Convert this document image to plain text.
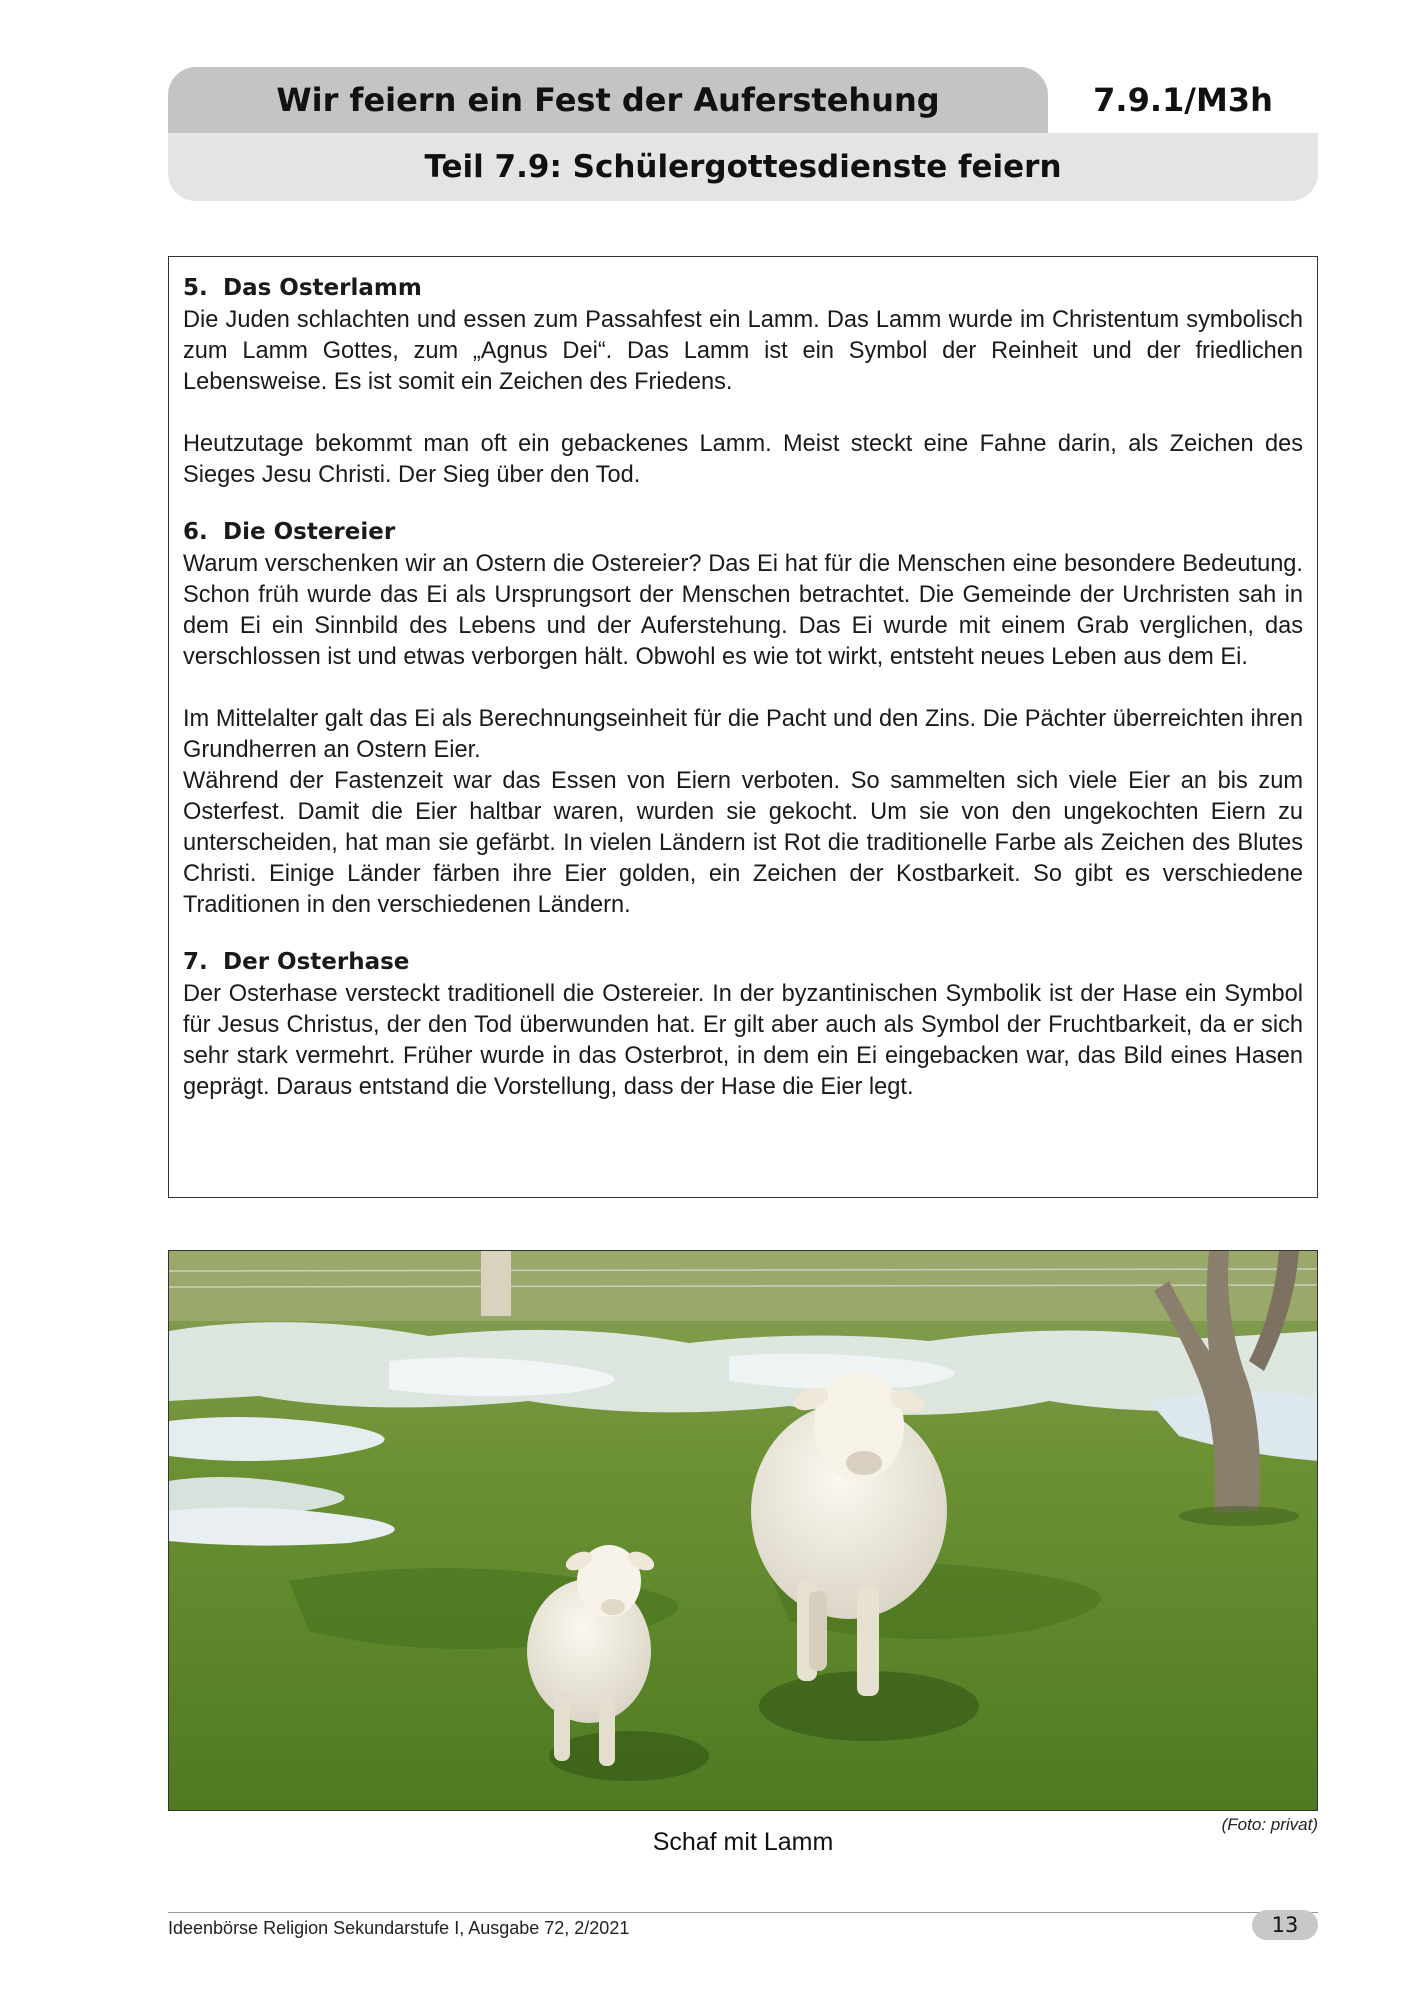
Wir feiern ein Fest der Auferstehung	7.9.1/M3h
Teil 7.9: Schülergottesdienste feiern
5. Das Osterlamm

Die Juden schlachten und essen zum Passahfest ein Lamm. Das Lamm wurde im Christentum symbolisch zum Lamm Gottes, zum „Agnus Dei“. Das Lamm ist ein Symbol der Reinheit und der friedlichen Lebensweise. Es ist somit ein Zeichen des Friedens.

Heutzutage bekommt man oft ein gebackenes Lamm. Meist steckt eine Fahne darin, als Zeichen des Sieges Jesu Christi. Der Sieg über den Tod.

6. Die Ostereier

Warum verschenken wir an Ostern die Ostereier? Das Ei hat für die Menschen eine besondere Bedeutung. Schon früh wurde das Ei als Ursprungsort der Menschen betrachtet. Die Gemeinde der Urchristen sah in dem Ei ein Sinnbild des Lebens und der Auferstehung. Das Ei wurde mit einem Grab verglichen, das verschlossen ist und etwas verborgen hält. Obwohl es wie tot wirkt, entsteht neues Leben aus dem Ei.

Im Mittelalter galt das Ei als Berechnungseinheit für die Pacht und den Zins. Die Pächter überreichten ihren Grundherren an Ostern Eier.

Während der Fastenzeit war das Essen von Eiern verboten. So sammelten sich viele Eier an bis zum Osterfest. Damit die Eier haltbar waren, wurden sie gekocht. Um sie von den ungekochten Eiern zu unterscheiden, hat man sie gefärbt. In vielen Ländern ist Rot die traditionelle Farbe als Zeichen des Blutes Christi. Einige Länder färben ihre Eier golden, ein Zeichen der Kostbarkeit. So gibt es verschiedene Traditionen in den verschiedenen Ländern.

7. Der Osterhase

Der Osterhase versteckt traditionell die Ostereier. In der byzantinischen Symbolik ist der Hase ein Symbol für Jesus Christus, der den Tod überwunden hat. Er gilt aber auch als Symbol der Fruchtbarkeit, da er sich sehr stark vermehrt. Früher wurde in das Osterbrot, in dem ein Ei eingebacken war, das Bild eines Hasen geprägt. Daraus entstand die Vorstellung, dass der Hase die Eier legt.

(Foto: privat)
Schaf mit Lamm
Ideenbörse Religion Sekundarstufe I, Ausgabe 72, 2/2021	13
